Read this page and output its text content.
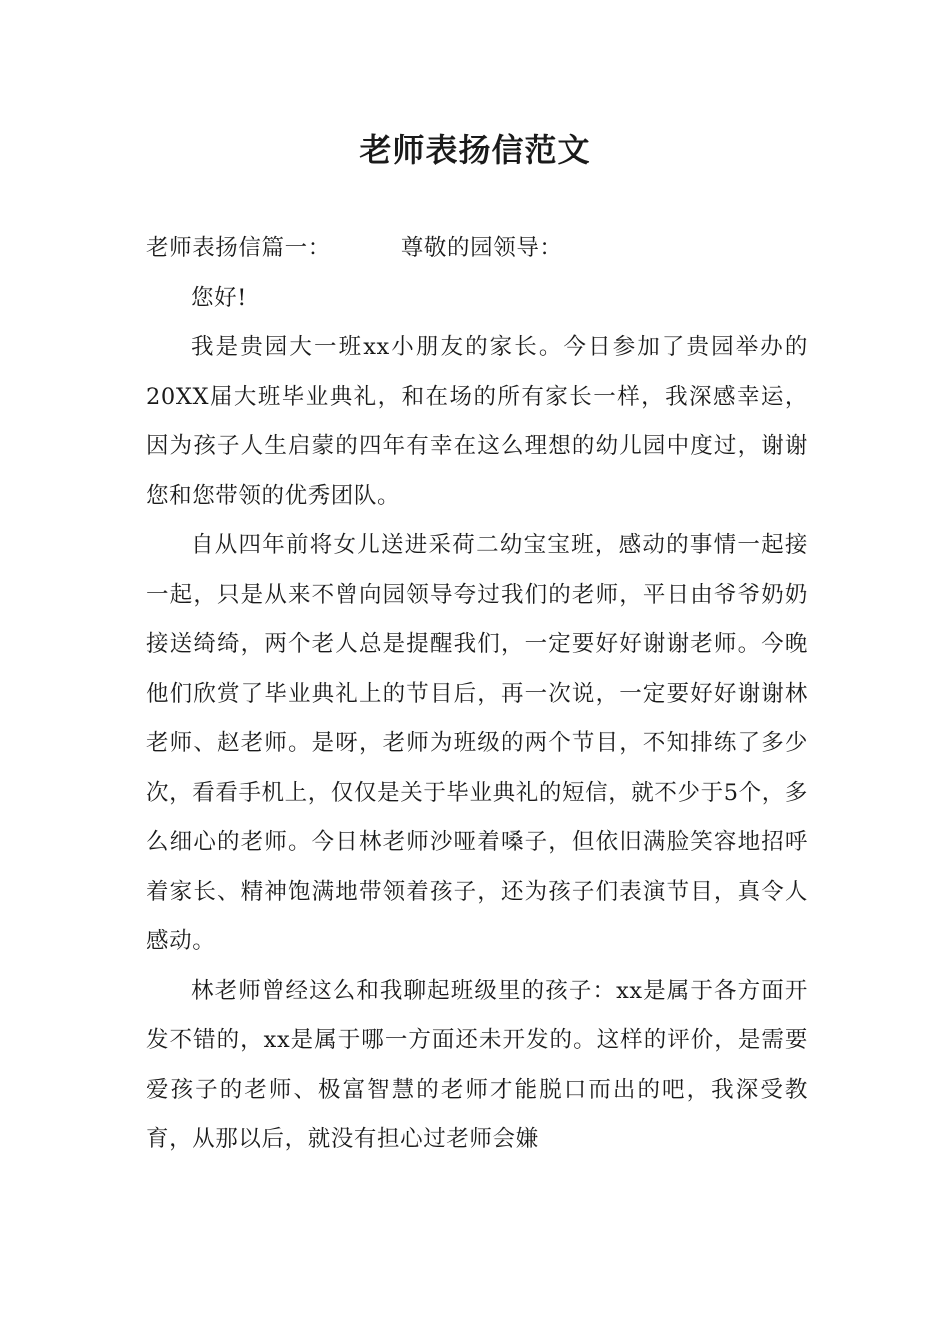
老师表扬信范文
老师表扬信篇一：	尊敬的园领导：

您好!

我是贵园大一班xx小朋友的家长。今日参加了贵园举办的20XX届大班毕业典礼，和在场的所有家长一样，我深感幸运，因为孩子人生启蒙的四年有幸在这么理想的幼儿园中度过，谢谢您和您带领的优秀团队。

自从四年前将女儿送进采荷二幼宝宝班，感动的事情一起接一起，只是从来不曾向园领导夸过我们的老师，平日由爷爷奶奶接送绮绮，两个老人总是提醒我们，一定要好好谢谢老师。今晚他们欣赏了毕业典礼上的节目后，再一次说，一定要好好谢谢林老师、赵老师。是呀，老师为班级的两个节目，不知排练了多少次，看看手机上，仅仅是关于毕业典礼的短信，就不少于5个，多么细心的老师。今日林老师沙哑着嗓子，但依旧满脸笑容地招呼着家长、精神饱满地带领着孩子，还为孩子们表演节目，真令人感动。

林老师曾经这么和我聊起班级里的孩子：xx是属于各方面开发不错的，xx是属于哪一方面还未开发的。这样的评价，是需要爱孩子的老师、极富智慧的老师才能脱口而出的吧，我深受教育，从那以后，就没有担心过老师会嫌
